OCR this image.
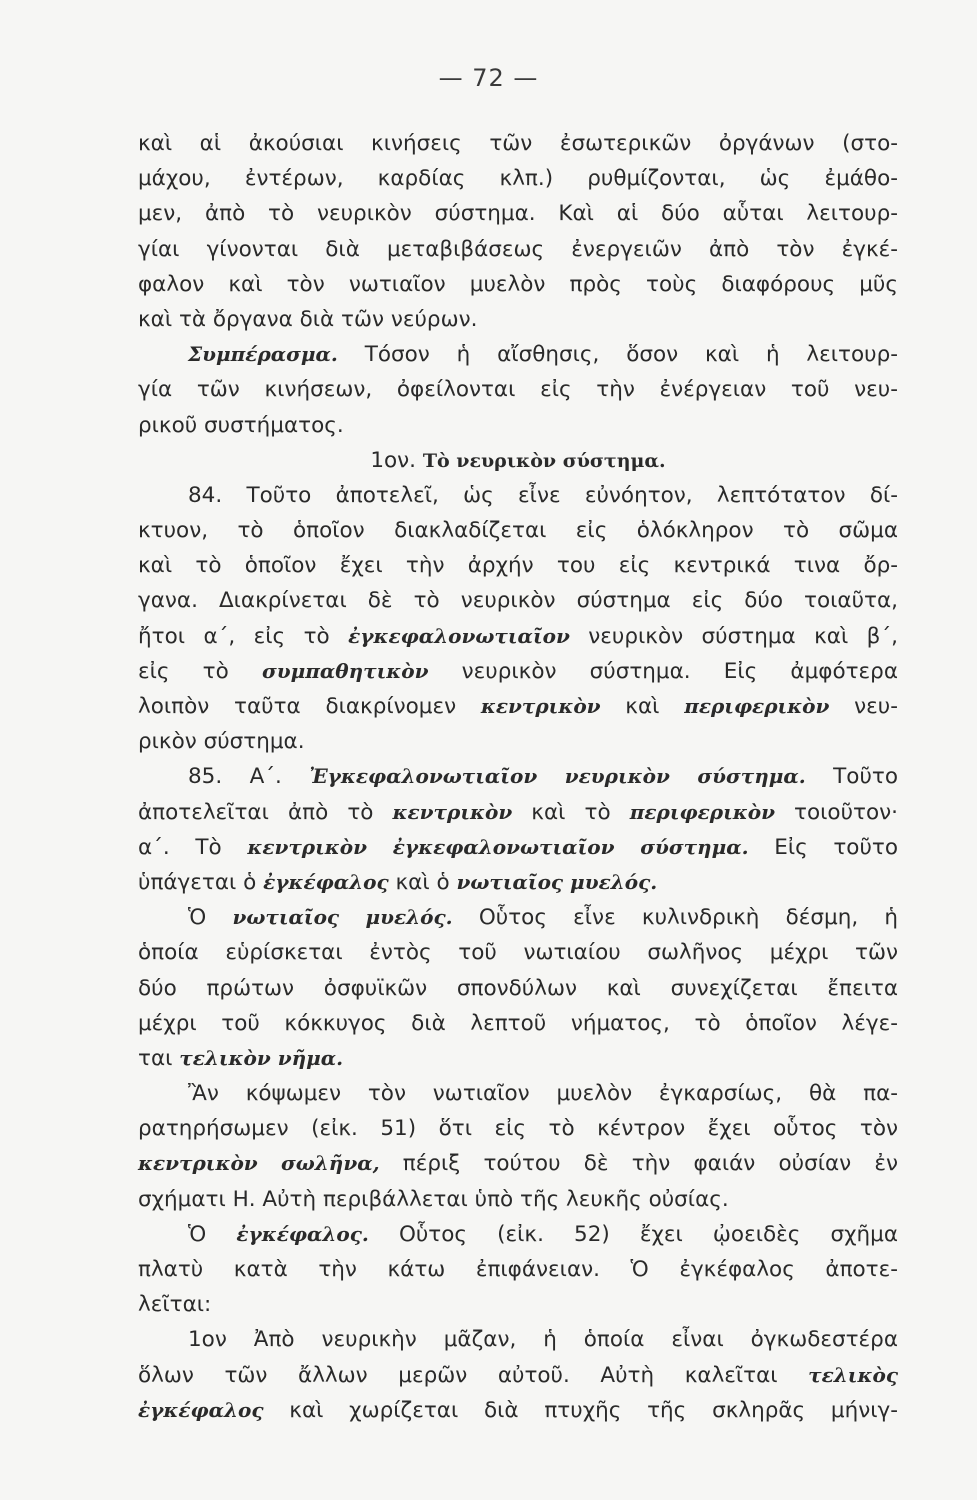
— 72 —
καὶ αἱ ἀκούσιαι κινήσεις τῶν ἐσωτερικῶν ὀργάνων (στο-
μάχου, ἐντέρων, καρδίας κλπ.) ρυθμίζονται, ὡς ἐμάθο-
μεν, ἀπὸ τὸ νευρικὸν σύστημα. Καὶ αἱ δύο αὗται λειτουρ-
γίαι γίνονται διὰ μεταβιβάσεως ἐνεργειῶν ἀπὸ τὸν ἐγκέ-
φαλον καὶ τὸν νωτιαῖον μυελὸν πρὸς τοὺς διαφόρους μῦς
καὶ τὰ ὄργανα διὰ τῶν νεύρων.
Συμπέρασμα. Τόσον ἡ αἴσθησις, ὅσον καὶ ἡ λειτουρ-
γία τῶν κινήσεων, ὀφείλονται εἰς τὴν ἐνέργειαν τοῦ νευ-
ρικοῦ συστήματος.
1ον. Τὸ νευρικὸν σύστημα.
84. Τοῦτο ἀποτελεῖ, ὡς εἶνε εὐνόητον, λεπτότατον δί-
κτυον, τὸ ὁποῖον διακλαδίζεται εἰς ὁλόκληρον τὸ σῶμα
καὶ τὸ ὁποῖον ἔχει τὴν ἀρχήν του εἰς κεντρικά τινα ὄρ-
γανα. Διακρίνεται δὲ τὸ νευρικὸν σύστημα εἰς δύο τοιαῦτα,
ἤτοι α΄, εἰς τὸ ἐγκεφαλονωτιαῖον νευρικὸν σύστημα καὶ β΄,
εἰς τὸ συμπαθητικὸν νευρικὸν σύστημα. Εἰς ἀμφότερα
λοιπὸν ταῦτα διακρίνομεν κεντρικὸν καὶ περιφερικὸν νευ-
ρικὸν σύστημα.
85. Α΄. Ἐγκεφαλονωτιαῖον νευρικὸν σύστημα. Τοῦτο
ἀποτελεῖται ἀπὸ τὸ κεντρικὸν καὶ τὸ περιφερικὸν τοιοῦτον·
α΄. Τὸ κεντρικὸν ἐγκεφαλονωτιαῖον σύστημα. Εἰς τοῦτο
ὑπάγεται ὁ ἐγκέφαλος καὶ ὁ νωτιαῖος μυελός.
Ὁ νωτιαῖος μυελός. Οὗτος εἶνε κυλινδρικὴ δέσμη, ἡ
ὁποία εὑρίσκεται ἐντὸς τοῦ νωτιαίου σωλῆνος μέχρι τῶν
δύο πρώτων ὀσφυϊκῶν σπονδύλων καὶ συνεχίζεται ἔπειτα
μέχρι τοῦ κόκκυγος διὰ λεπτοῦ νήματος, τὸ ὁποῖον λέγε-
ται τελικὸν νῆμα.
Ἂν κόψωμεν τὸν νωτιαῖον μυελὸν ἐγκαρσίως, θὰ πα-
ρατηρήσωμεν (εἰκ. 51) ὅτι εἰς τὸ κέντρον ἔχει οὗτος τὸν
κεντρικὸν σωλῆνα, πέριξ τούτου δὲ τὴν φαιάν οὐσίαν ἐν
σχήματι Η. Αὐτὴ περιβάλλεται ὑπὸ τῆς λευκῆς οὐσίας.
Ὁ ἐγκέφαλος. Οὗτος (εἰκ. 52) ἔχει ᾠοειδὲς σχῆμα
πλατὺ κατὰ τὴν κάτω ἐπιφάνειαν. Ὁ ἐγκέφαλος ἀποτε-
λεῖται:
1ον Ἀπὸ νευρικὴν μᾶζαν, ἡ ὁποία εἶναι ὀγκωδεστέρα
ὅλων τῶν ἄλλων μερῶν αὐτοῦ. Αὐτὴ καλεῖται τελικὸς
ἐγκέφαλος καὶ χωρίζεται διὰ πτυχῆς τῆς σκληρᾶς μήνιγ-
